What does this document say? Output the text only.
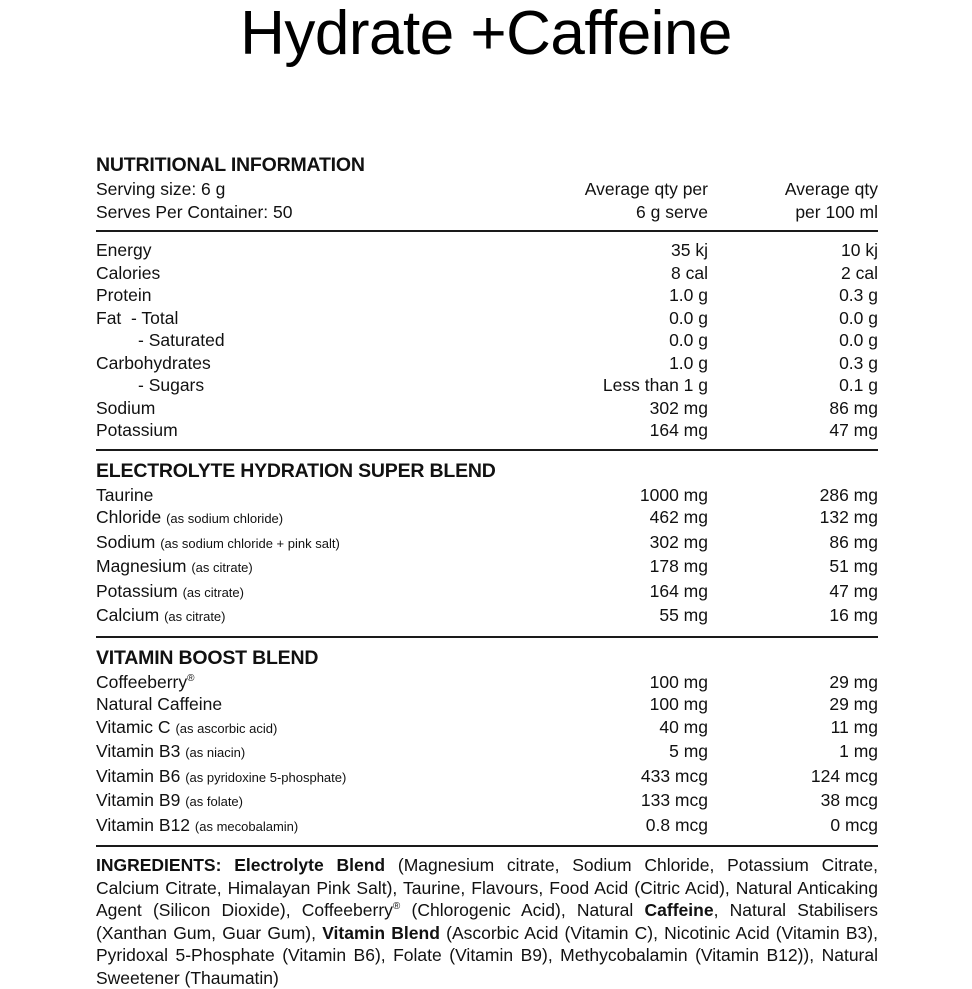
Hydrate +Caffeine
NUTRITIONAL INFORMATION
Serving size: 6 g	Average qty per	Average qty
Serves Per Container: 50	6 g serve	per 100 ml
Energy	35 kj	10 kj
Calories	8 cal	2 cal
Protein	1.0 g	0.3 g
Fat  - Total	0.0 g	0.0 g
- Saturated	0.0 g	0.0 g
Carbohydrates	1.0 g	0.3 g
- Sugars	Less than 1 g	0.1 g
Sodium	302 mg	86 mg
Potassium	164 mg	47 mg
ELECTROLYTE HYDRATION SUPER BLEND
Taurine	1000 mg	286 mg
Chloride (as sodium chloride)	462 mg	132 mg
Sodium (as sodium chloride + pink salt)	302 mg	86 mg
Magnesium (as citrate)	178 mg	51 mg
Potassium (as citrate)	164 mg	47 mg
Calcium (as citrate)	55 mg	16 mg
VITAMIN BOOST BLEND
Coffeeberry®	100 mg	29 mg
Natural Caffeine	100 mg	29 mg
Vitamic C (as ascorbic acid)	40 mg	11 mg
Vitamin B3 (as niacin)	5 mg	1 mg
Vitamin B6 (as pyridoxine 5-phosphate)	433 mcg	124 mcg
Vitamin B9 (as folate)	133 mcg	38 mcg
Vitamin B12 (as mecobalamin)	0.8 mcg	0 mcg
INGREDIENTS: Electrolyte Blend (Magnesium citrate, Sodium Chloride, Potassium Citrate, Calcium Citrate, Himalayan Pink Salt), Taurine, Flavours, Food Acid (Citric Acid), Natural Anticaking Agent (Silicon Dioxide), Coffeeberry® (Chlorogenic Acid), Natural Caffeine, Natural Stabilisers (Xanthan Gum, Guar Gum), Vitamin Blend (Ascorbic Acid (Vitamin C), Nicotinic Acid (Vitamin B3), Pyridoxal 5-Phosphate (Vitamin B6), Folate (Vitamin B9), Methycobalamin (Vitamin B12)), Natural Sweetener (Thaumatin)
